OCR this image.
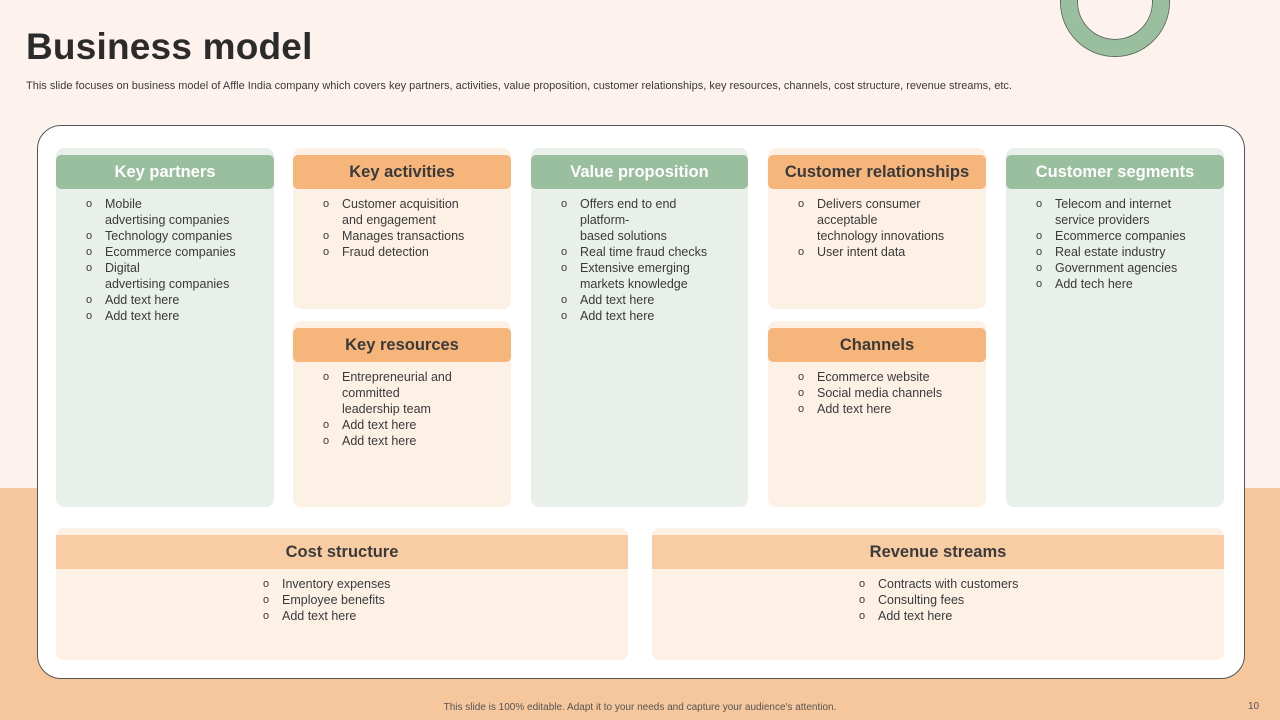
Business model

This slide focuses on business model of Affle India company which covers key partners, activities, value proposition, customer relationships, key resources, channels, cost structure, revenue streams, etc.

Key partners
o Mobile
advertising companies
o Technology companies
o Ecommerce companies
o Digital
advertising companies
o Add text here
o Add text here
Key activities
o Customer acquisition
and engagement
o Manages transactions
o Fraud detection
Key resources
o Entrepreneurial and
committed
leadership team
o Add text here
o Add text here
Value proposition
o Offers end to end
platform-
based solutions
o Real time fraud checks
o Extensive emerging
markets knowledge
o Add text here
o Add text here
Customer relationships
o Delivers consumer
acceptable
technology innovations
o User intent data
Channels
o Ecommerce website
o Social media channels
o Add text here
Customer segments
o Telecom and internet
service providers
o Ecommerce companies
o Real estate industry
o Government agencies
o Add tech here
Cost structure
o Inventory expenses
o Employee benefits
o Add text here
Revenue streams
o Contracts with customers
o Consulting fees
o Add text here
This slide is 100% editable. Adapt it to your needs and capture your audience's attention.	10
